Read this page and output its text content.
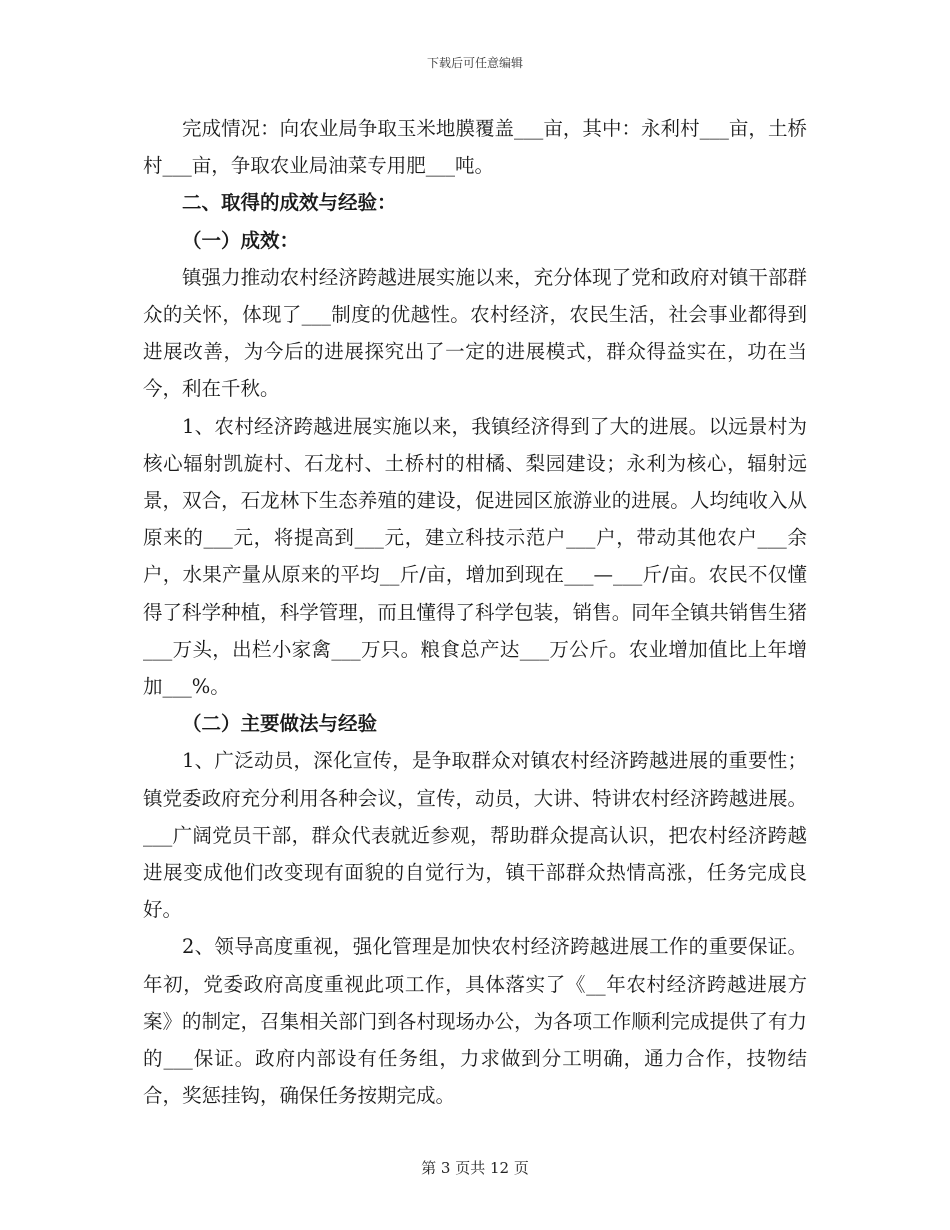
下载后可任意编辑

完成情况：向农业局争取玉米地膜覆盖___亩，其中：永利村___亩，土桥村___亩，争取农业局油菜专用肥___吨。

二、取得的成效与经验：

（一）成效：

镇强力推动农村经济跨越进展实施以来，充分体现了党和政府对镇干部群众的关怀，体现了___制度的优越性。农村经济，农民生活，社会事业都得到进展改善，为今后的进展探究出了一定的进展模式，群众得益实在，功在当今，利在千秋。

1、农村经济跨越进展实施以来，我镇经济得到了大的进展。以远景村为核心辐射凯旋村、石龙村、土桥村的柑橘、梨园建设；永利为核心，辐射远景，双合，石龙林下生态养殖的建设，促进园区旅游业的进展。人均纯收入从原来的___元，将提高到___元，建立科技示范户___户，带动其他农户___余户，水果产量从原来的平均__斤/亩，增加到现在___—___斤/亩。农民不仅懂得了科学种植，科学管理，而且懂得了科学包装，销售。同年全镇共销售生猪___万头，出栏小家禽___万只。粮食总产达___万公斤。农业增加值比上年增加___%。

（二）主要做法与经验

1、广泛动员，深化宣传，是争取群众对镇农村经济跨越进展的重要性；镇党委政府充分利用各种会议，宣传，动员，大讲、特讲农村经济跨越进展。___广阔党员干部，群众代表就近参观，帮助群众提高认识，把农村经济跨越进展变成他们改变现有面貌的自觉行为，镇干部群众热情高涨，任务完成良好。

2、领导高度重视，强化管理是加快农村经济跨越进展工作的重要保证。年初，党委政府高度重视此项工作，具体落实了《__年农村经济跨越进展方案》的制定，召集相关部门到各村现场办公，为各项工作顺利完成提供了有力的___保证。政府内部设有任务组，力求做到分工明确，通力合作，技物结合，奖惩挂钩，确保任务按期完成。

第 3 页共 12 页
